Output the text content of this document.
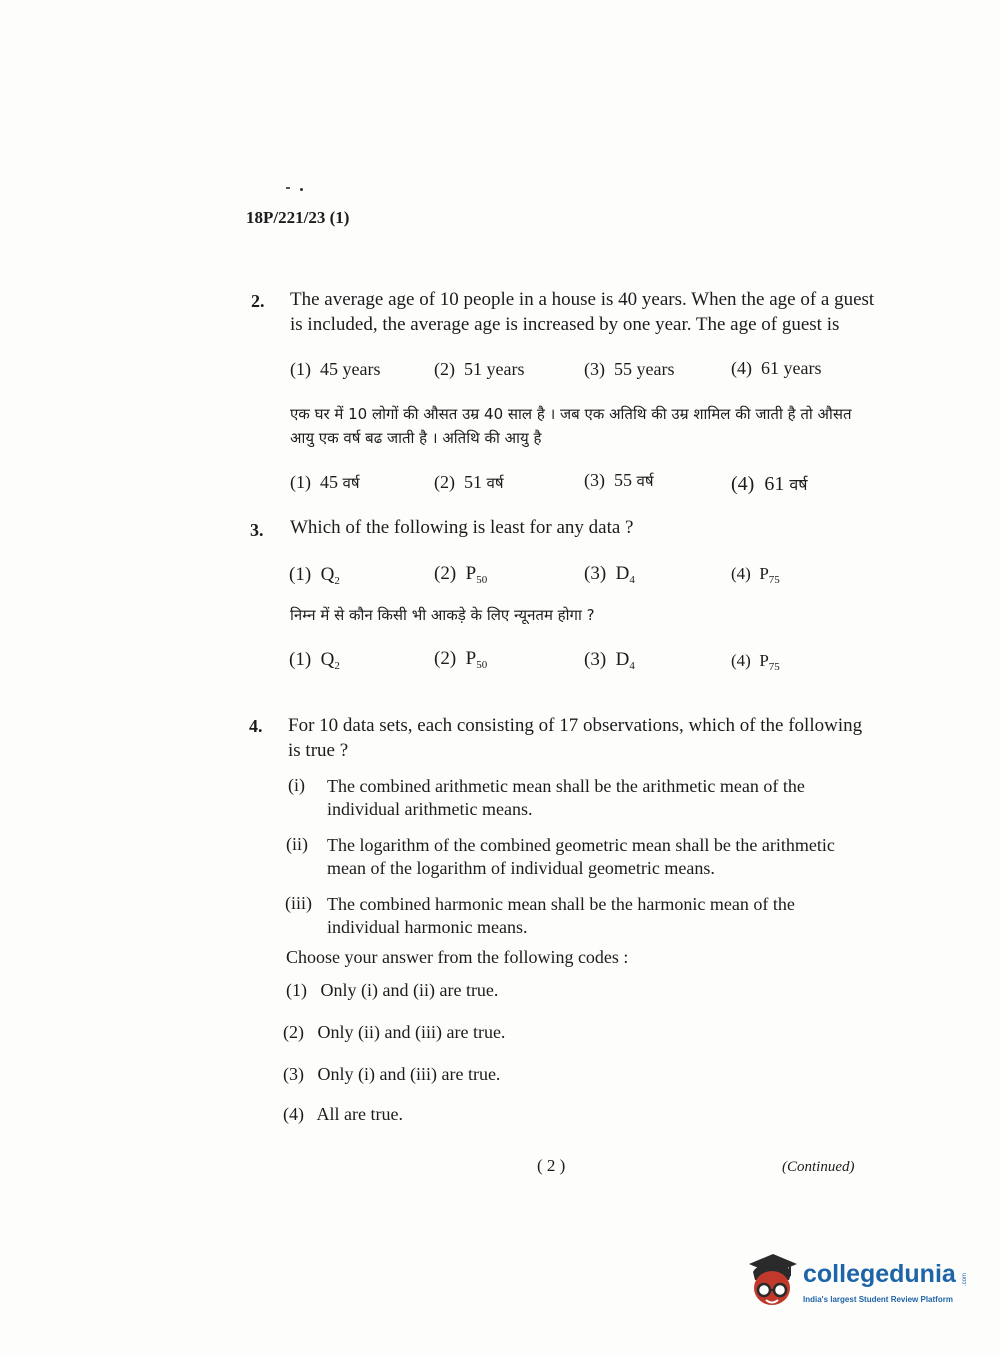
18P/221/23 (1)
2. The average age of 10 people in a house is 40 years. When the age of a guest is included, the average age is increased by one year. The age of guest is
(1) 45 years	(2) 51 years	(3) 55 years	(4) 61 years
एक घर में 10 लोगों की औसत उम्र 40 साल है । जब एक अतिथि की उम्र शामिल की जाती है तो औसत आयु एक वर्ष बढ जाती है । अतिथि की आयु है
(1) 45 वर्ष	(2) 51 वर्ष	(3) 55 वर्ष	(4) 61 वर्ष
3. Which of the following is least for any data ?
(1) $Q_2$	(2) $P_{50}$	(3) $D_4$	(4) $P_{75}$
निम्न में से कौन किसी भी आकड़े के लिए न्यूनतम होगा ?
(1) $Q_2$	(2) $P_{50}$	(3) $D_4$	(4) $P_{75}$
4. For 10 data sets, each consisting of 17 observations, which of the following is true ?
(i)	The combined arithmetic mean shall be the arithmetic mean of the individual arithmetic means.
(ii)	The logarithm of the combined geometric mean shall be the arithmetic mean of the logarithm of individual geometric means.
(iii) The combined harmonic mean shall be the harmonic mean of the individual harmonic means.
Choose your answer from the following codes :
(1) Only (i) and (ii) are true.
(2) Only (ii) and (iii) are true.
(3) Only (i) and (iii) are true.
(4) All are true.
( 2 )	(Continued)
collegedunia .com
India's largest Student Review Platform
